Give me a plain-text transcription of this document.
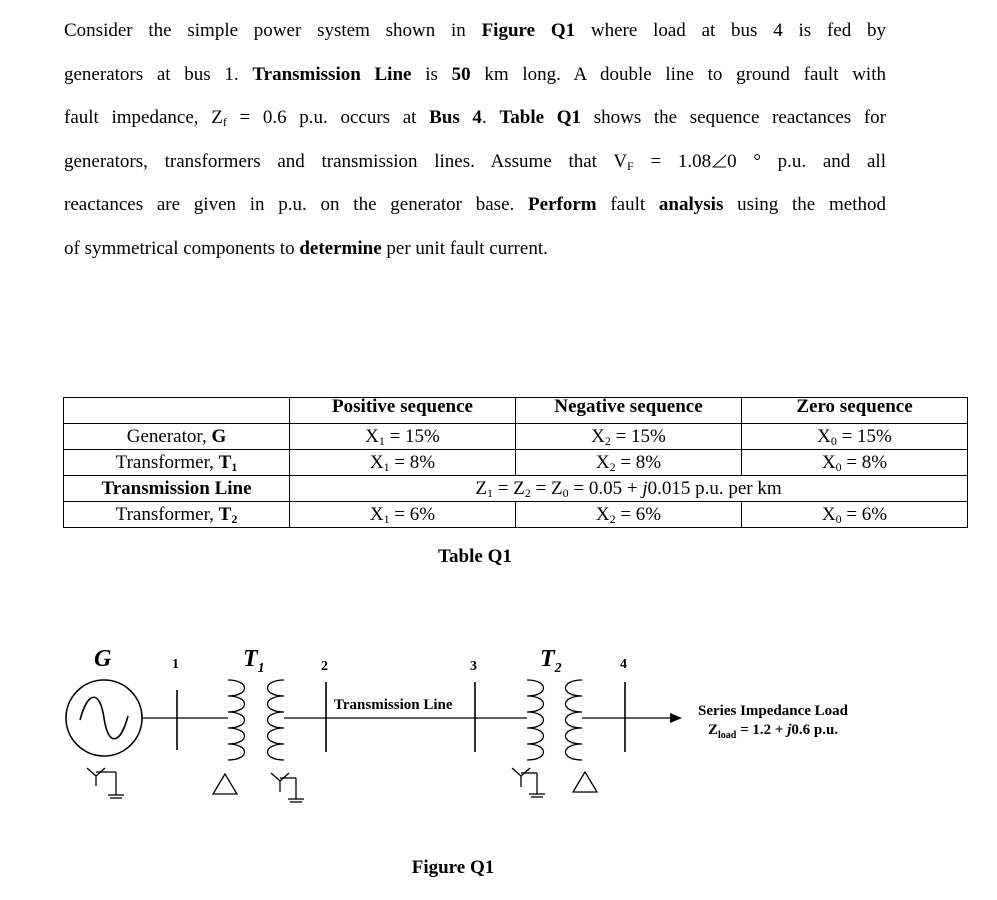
Consider the simple power system shown in Figure Q1 where load at bus 4 is fed by
generators at bus 1. Transmission Line is 50 km long. A double line to ground fault with
fault impedance, $Z_f = 0.6$ p.u. occurs at Bus 4. Table Q1 shows the sequence reactances for
generators, transformers and transmission lines. Assume that $V_F = 1.08$ 0 ° p.u. and all
reactances are given in p.u. on the generator base. Perform fault analysis using the method
of symmetrical components to determine per unit fault current.
	Positive sequence	Negative sequence	Zero sequence
Generator, G	$X_1 = 15\%$	$X_2 = 15\%$	$X_0 = 15\%$
Transformer, $T_1$	$X_1 = 8\%$	$X_2 = 8\%$	$X_0 = 8\%$
Transmission Line	$Z_1 = Z_2 = Z_0 = 0.05 + j0.015$ p.u. per km		
Transformer, $T_2$	$X_1 = 6\%$	$X_2 = 6\%$	$X_0 = 6\%$
Table Q1
G	$T_1$	$T_2$
1	2	3	4
Transmission Line	Series Impedance Load
$Z_{load} = 1.2 + j0.6$ p.u.
Figure Q1
